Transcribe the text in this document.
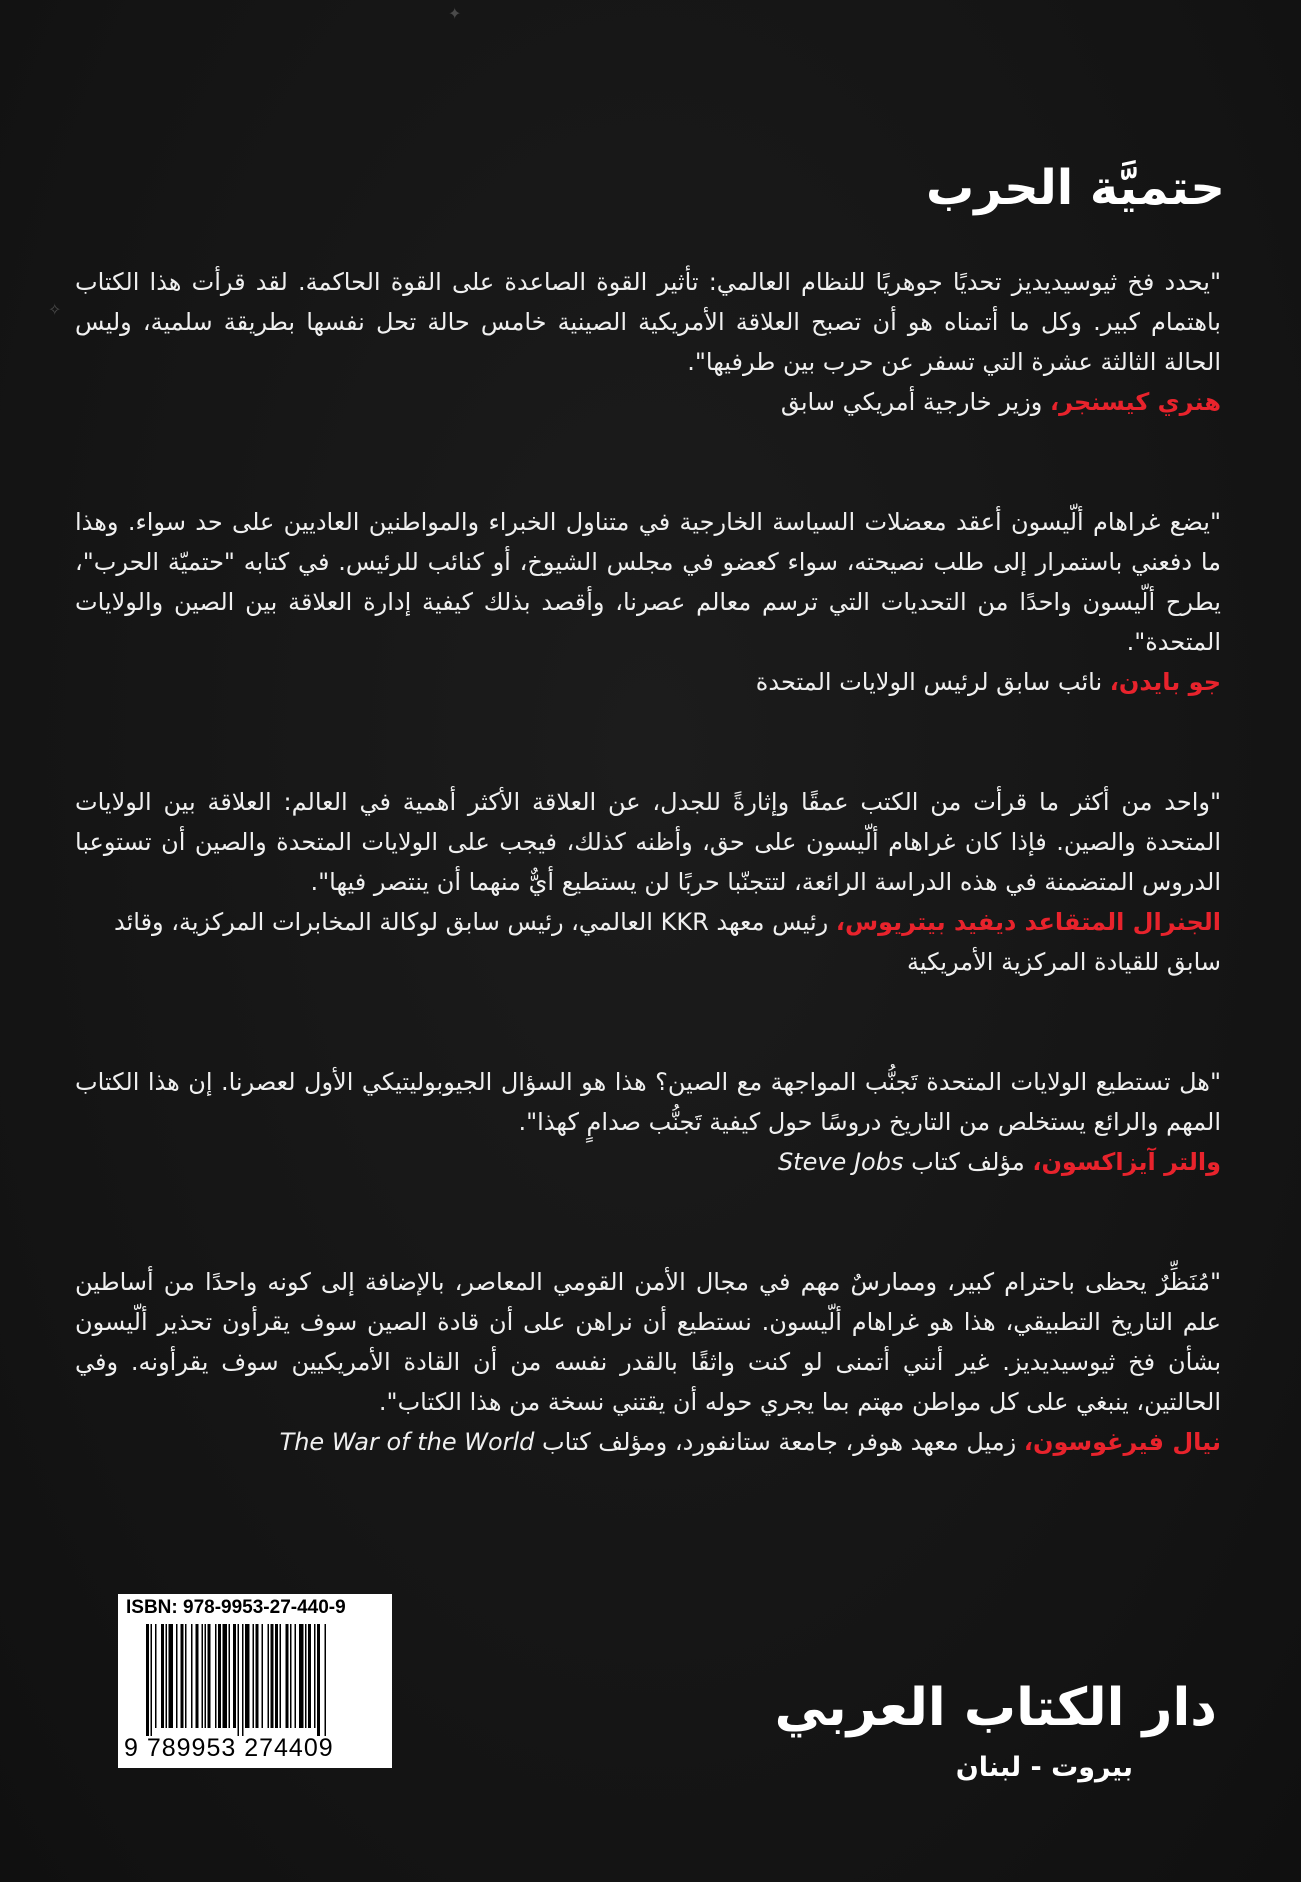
حتميَّة الحرب

"يحدد فخ ثيوسيديديز تحديًا جوهريًا للنظام العالمي: تأثير القوة الصاعدة على القوة الحاكمة. لقد قرأت هذا الكتاب باهتمام كبير. وكل ما أتمناه هو أن تصبح العلاقة الأمريكية الصينية خامس حالة تحل نفسها بطريقة سلمية، وليس الحالة الثالثة عشرة التي تسفر عن حرب بين طرفيها".

هنري كيسنجر، وزير خارجية أمريكي سابق

"يضع غراهام ألّيسون أعقد معضلات السياسة الخارجية في متناول الخبراء والمواطنين العاديين على حد سواء. وهذا ما دفعني باستمرار إلى طلب نصيحته، سواء كعضو في مجلس الشيوخ، أو كنائب للرئيس. في كتابه "حتميّة الحرب"، يطرح ألّيسون واحدًا من التحديات التي ترسم معالم عصرنا، وأقصد بذلك كيفية إدارة العلاقة بين الصين والولايات المتحدة".

جو بايدن، نائب سابق لرئيس الولايات المتحدة

"واحد من أكثر ما قرأت من الكتب عمقًا وإثارةً للجدل، عن العلاقة الأكثر أهمية في العالم: العلاقة بين الولايات المتحدة والصين. فإذا كان غراهام ألّيسون على حق، وأظنه كذلك، فيجب على الولايات المتحدة والصين أن تستوعبا الدروس المتضمنة في هذه الدراسة الرائعة، لتتجنّبا حربًا لن يستطيع أيٌّ منهما أن ينتصر فيها".

الجنرال المتقاعد ديفيد بيتريوس، رئيس معهد KKR العالمي، رئيس سابق لوكالة المخابرات المركزية، وقائد سابق للقيادة المركزية الأمريكية

"هل تستطيع الولايات المتحدة تَجنُّب المواجهة مع الصين؟ هذا هو السؤال الجيوبوليتيكي الأول لعصرنا. إن هذا الكتاب المهم والرائع يستخلص من التاريخ دروسًا حول كيفية تَجنُّب صدامٍ كهذا".

والتر آيزاكسون، مؤلف كتاب Steve Jobs

"مُنَظِّرٌ يحظى باحترام كبير، وممارسٌ مهم في مجال الأمن القومي المعاصر، بالإضافة إلى كونه واحدًا من أساطين علم التاريخ التطبيقي، هذا هو غراهام ألّيسون. نستطيع أن نراهن على أن قادة الصين سوف يقرأون تحذير ألّيسون بشأن فخ ثيوسيديديز. غير أنني أتمنى لو كنت واثقًا بالقدر نفسه من أن القادة الأمريكيين سوف يقرأونه. وفي الحالتين، ينبغي على كل مواطن مهتم بما يجري حوله أن يقتني نسخة من هذا الكتاب".

نيال فيرغوسون، زميل معهد هوفر، جامعة ستانفورد، ومؤلف كتاب The War of the World

ISBN: 978-9953-27-440-9
9 789953 274409
دار الكتاب العربي
بيروت - لبنان
✦
✧
